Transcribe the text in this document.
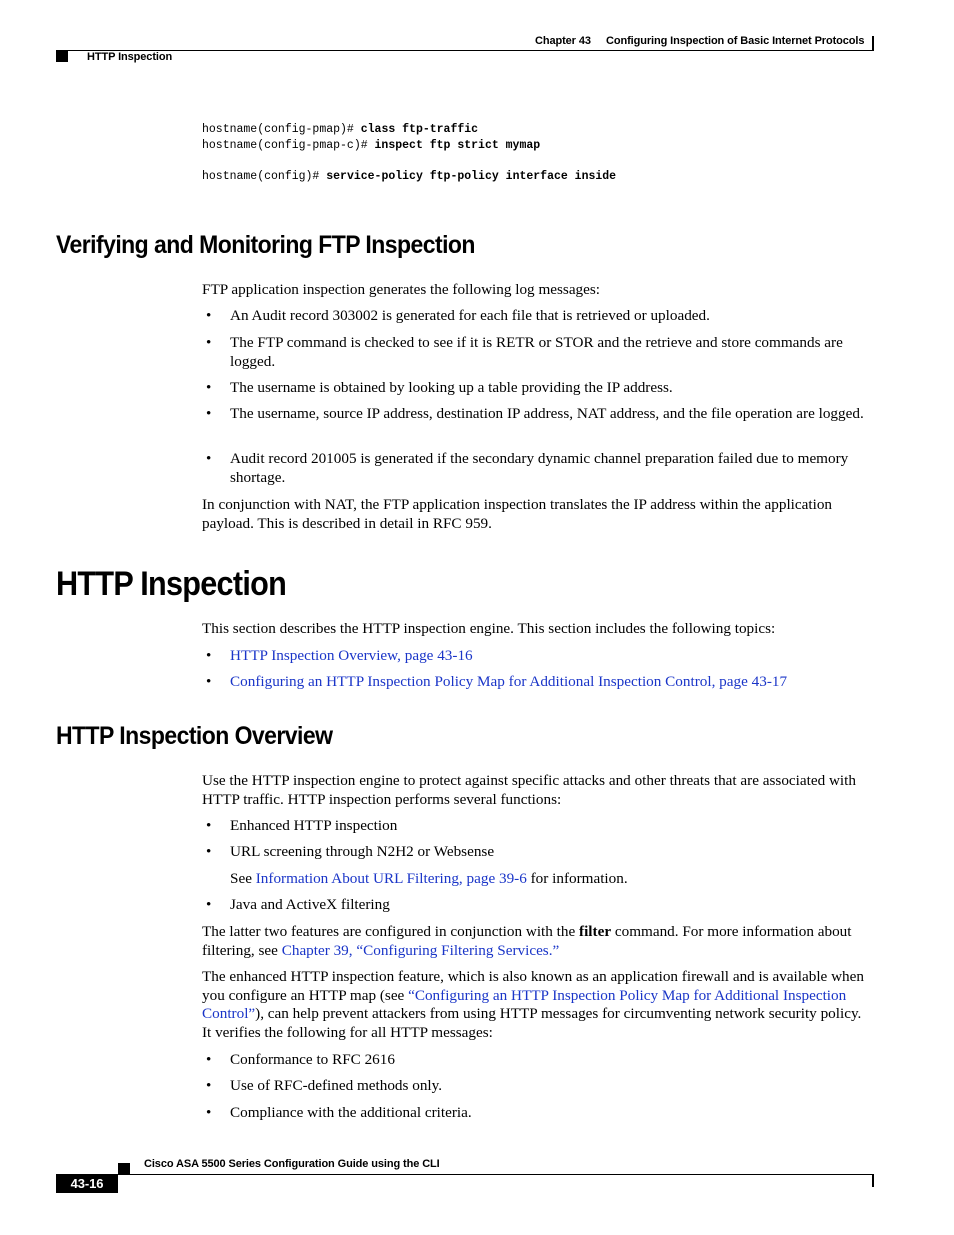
Chapter 43 Configuring Inspection of Basic Internet Protocols
HTTP Inspection
hostname(config-pmap)# class ftp-traffic
hostname(config-pmap-c)# inspect ftp strict mymap
hostname(config)# service-policy ftp-policy interface inside
Verifying and Monitoring FTP Inspection
FTP application inspection generates the following log messages:
• An Audit record 303002 is generated for each file that is retrieved or uploaded.
• The FTP command is checked to see if it is RETR or STOR and the retrieve and store commands are logged.
• The username is obtained by looking up a table providing the IP address.
• The username, source IP address, destination IP address, NAT address, and the file operation are logged.
• Audit record 201005 is generated if the secondary dynamic channel preparation failed due to memory shortage.
In conjunction with NAT, the FTP application inspection translates the IP address within the application payload. This is described in detail in RFC 959.
HTTP Inspection
This section describes the HTTP inspection engine. This section includes the following topics:
• HTTP Inspection Overview, page 43-16
• Configuring an HTTP Inspection Policy Map for Additional Inspection Control, page 43-17
HTTP Inspection Overview
Use the HTTP inspection engine to protect against specific attacks and other threats that are associated with HTTP traffic. HTTP inspection performs several functions:
• Enhanced HTTP inspection
• URL screening through N2H2 or Websense
See Information About URL Filtering, page 39-6 for information.
• Java and ActiveX filtering
The latter two features are configured in conjunction with the filter command. For more information about filtering, see Chapter 39, “Configuring Filtering Services.”
The enhanced HTTP inspection feature, which is also known as an application firewall and is available when you configure an HTTP map (see “Configuring an HTTP Inspection Policy Map for Additional Inspection Control”), can help prevent attackers from using HTTP messages for circumventing network security policy. It verifies the following for all HTTP messages:
• Conformance to RFC 2616
• Use of RFC-defined methods only.
• Compliance with the additional criteria.
Cisco ASA 5500 Series Configuration Guide using the CLI
43-16
